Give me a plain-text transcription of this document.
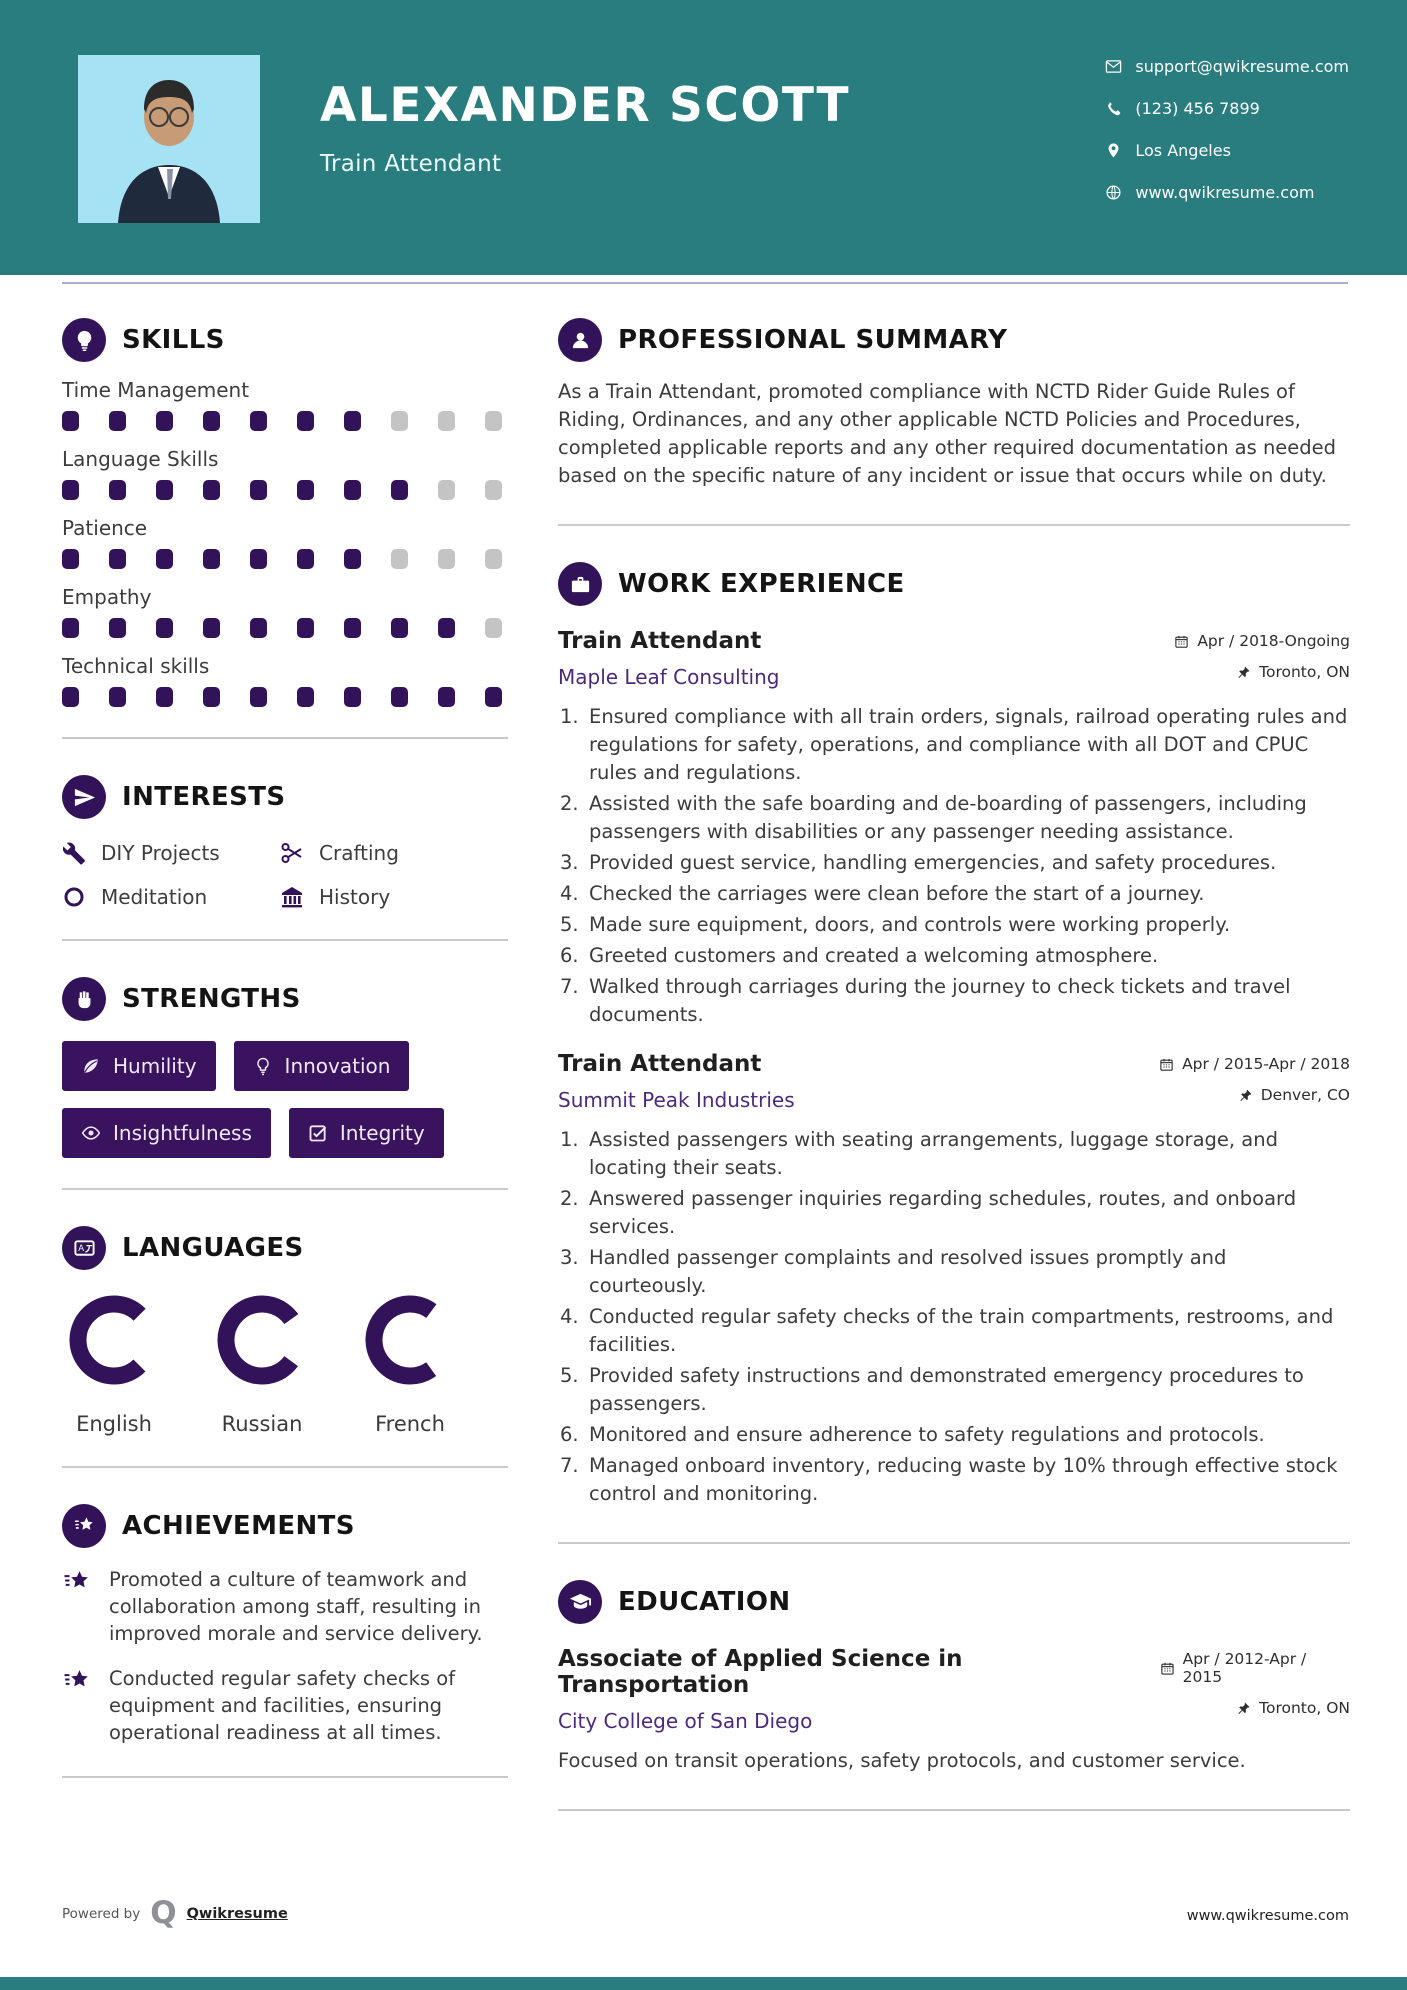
ALEXANDER SCOTT
Train Attendant
support@qwikresume.com
(123) 456 7899
Los Angeles
www.qwikresume.com
SKILLS
Time Management
Language Skills
Patience
Empathy
Technical skills
INTERESTS
DIY Projects	Crafting
Meditation	History
STRENGTHS
Humility	Innovation
Insightfulness	Integrity
A LANGUAGES
English	Russian	French
ACHIEVEMENTS
Promoted a culture of teamwork and collaboration among staff, resulting in improved morale and service delivery.
Conducted regular safety checks of equipment and facilities, ensuring operational readiness at all times.
PROFESSIONAL SUMMARY

As a Train Attendant, promoted compliance with NCTD Rider Guide Rules of Riding, Ordinances, and any other applicable NCTD Policies and Procedures, completed applicable reports and any other required documentation as needed based on the specific nature of any incident or issue that occurs while on duty.

WORK EXPERIENCE
Train Attendant
Maple Leaf Consulting
Apr / 2018-Ongoing
Toronto, ON
Ensured compliance with all train orders, signals, railroad operating rules and regulations for safety, operations, and compliance with all DOT and CPUC rules and regulations.
Assisted with the safe boarding and de-boarding of passengers, including passengers with disabilities or any passenger needing assistance.
Provided guest service, handling emergencies, and safety procedures.
Checked the carriages were clean before the start of a journey.
Made sure equipment, doors, and controls were working properly.
Greeted customers and created a welcoming atmosphere.
Walked through carriages during the journey to check tickets and travel documents.
Train Attendant
Summit Peak Industries
Apr / 2015-Apr / 2018
Denver, CO
Assisted passengers with seating arrangements, luggage storage, and locating their seats.
Answered passenger inquiries regarding schedules, routes, and onboard services.
Handled passenger complaints and resolved issues promptly and courteously.
Conducted regular safety checks of the train compartments, restrooms, and facilities.
Provided safety instructions and demonstrated emergency procedures to passengers.
Monitored and ensure adherence to safety regulations and protocols.
Managed onboard inventory, reducing waste by 10% through effective stock control and monitoring.
EDUCATION
Associate of Applied Science in Transportation
City College of San Diego
Apr / 2012-Apr / 2015
Toronto, ON

Focused on transit operations, safety protocols, and customer service.

Powered by Q Qwikresume	www.qwikresume.com
